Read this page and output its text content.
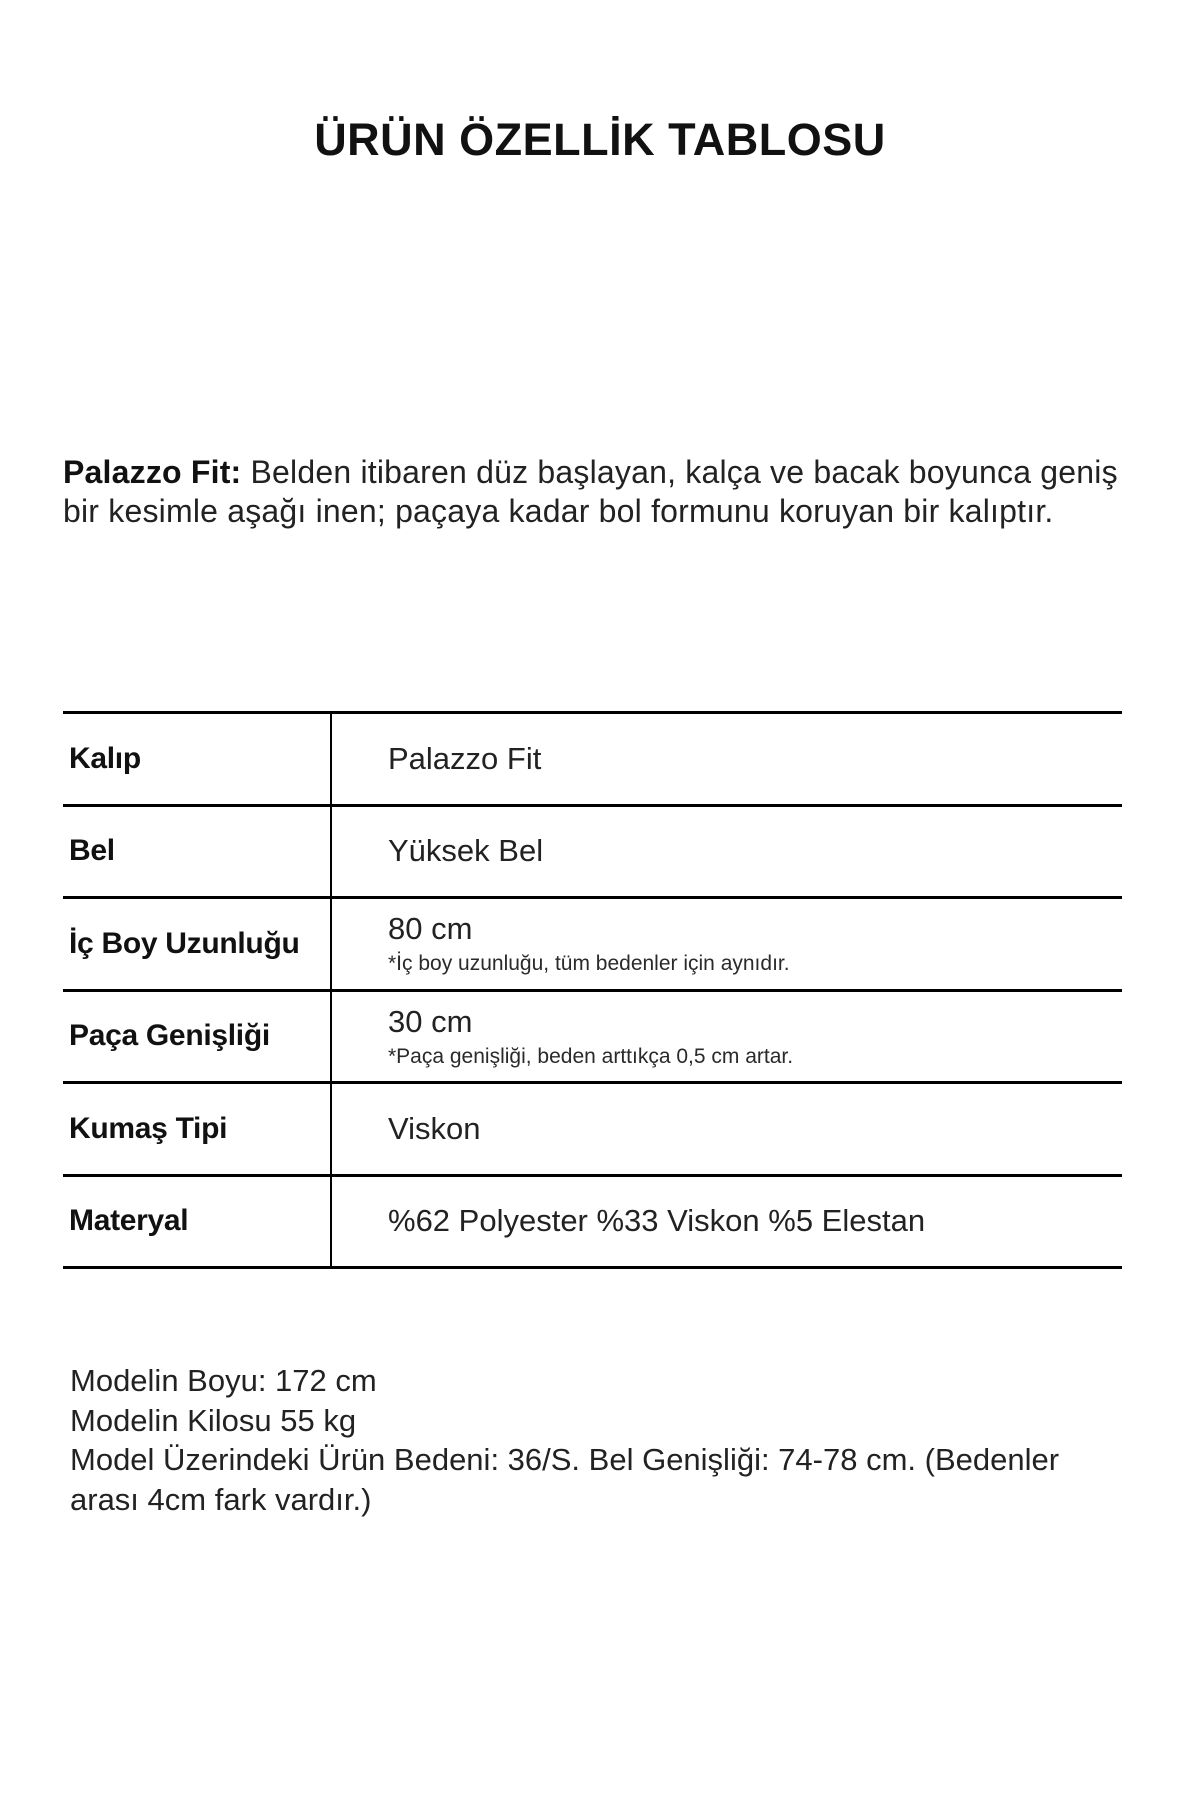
ÜRÜN ÖZELLİK TABLOSU

Palazzo Fit: Belden itibaren düz başlayan, kalça ve bacak boyunca geniş bir kesimle aşağı inen; paçaya kadar bol formunu koruyan bir kalıptır.

Kalıp	Palazzo Fit
Bel	Yüksek Bel
İç Boy Uzunluğu	80 cm
*İç boy uzunluğu, tüm bedenler için aynıdır.
Paça Genişliği	30 cm
*Paça genişliği, beden arttıkça 0,5 cm artar.
Kumaş Tipi	Viskon
Materyal	%62 Polyester %33 Viskon %5 Elestan

Modelin Boyu: 172 cm

Modelin Kilosu 55 kg

Model Üzerindeki Ürün Bedeni: 36/S. Bel Genişliği: 74-78 cm. (Bedenler arası 4cm fark vardır.)
